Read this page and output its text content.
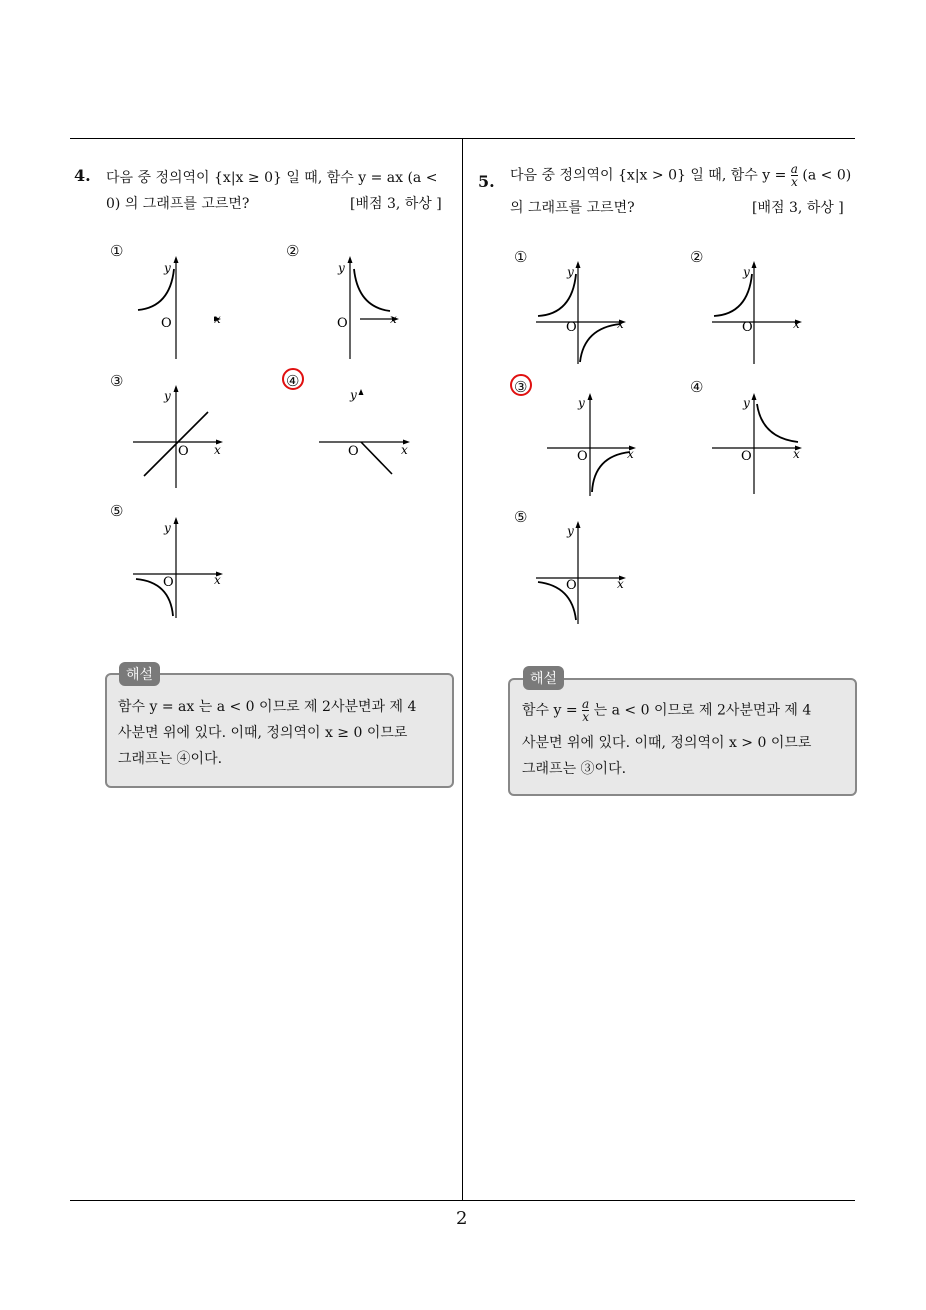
4. 다음 중 정의역이 {x|x ≥ 0} 일 때, 함수 y = ax (a <
0) 의 그래프를 고르면?	[배점 3, 하상 ]
①
y
x
O
②
y
x
O
③
y
x
O
④
y
x
O
⑤
y
x
O
해설
함수 y = ax 는 a < 0 이므로 제 2사분면과 제 4
사분면 위에 있다. 이때, 정의역이 x ≥ 0 이므로
그래프는 ④이다.
5. 다음 중 정의역이 {x|x > 0} 일 때, 함수 $y = \frac{a}{x} (a < 0)$
의 그래프를 고르면?	[배점 3, 하상 ]
①
y
x
O
②
y
x
O
③
y
x
O
④
y
x
O
⑤
y
x
O
해설
함수 $y = \frac{a}{x}$ 는 a < 0 이므로 제 2사분면과 제 4
사분면 위에 있다. 이때, 정의역이 x > 0 이므로
그래프는 ③이다.
2
